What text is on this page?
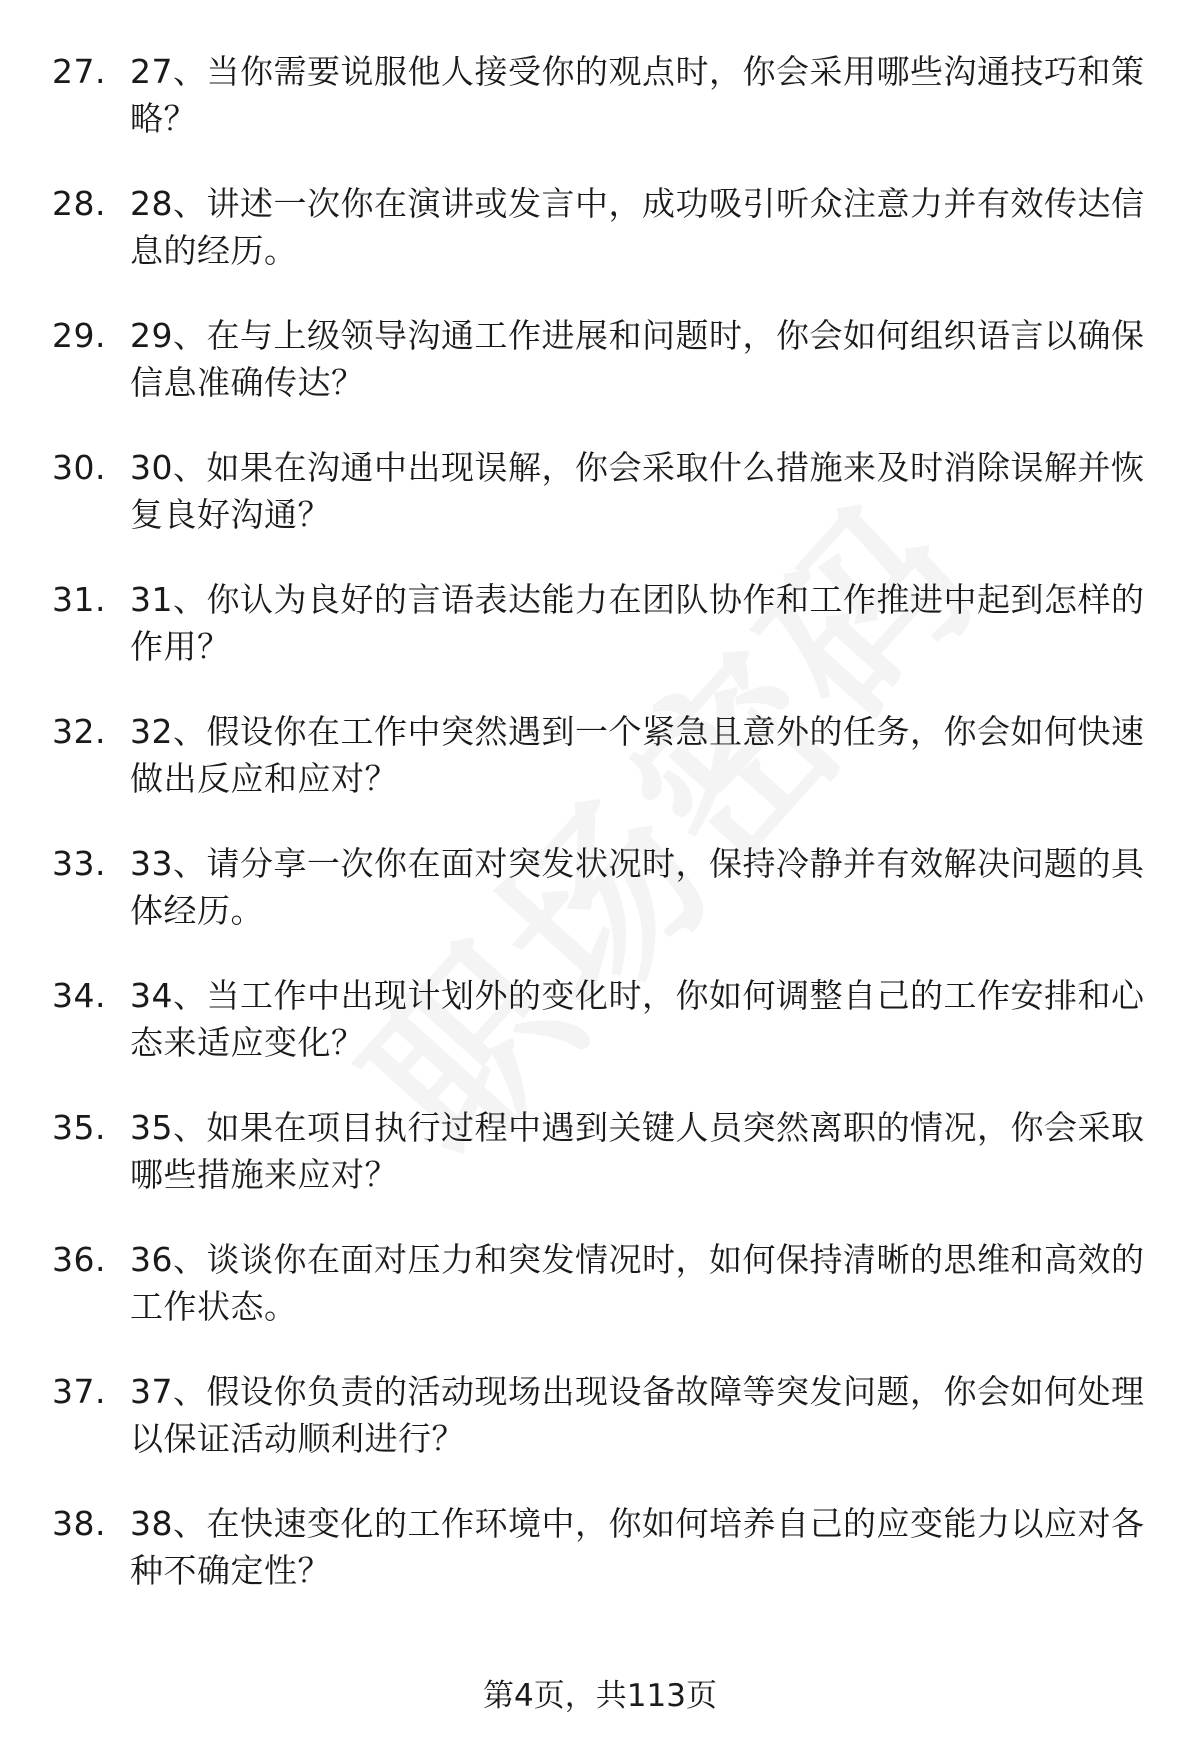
27. 27、当你需要说服他人接受你的观点时，你会采用哪些沟通技巧和策略？
28. 28、讲述一次你在演讲或发言中，成功吸引听众注意力并有效传达信息的经历。
29. 29、在与上级领导沟通工作进展和问题时，你会如何组织语言以确保信息准确传达？
30. 30、如果在沟通中出现误解，你会采取什么措施来及时消除误解并恢复良好沟通？
31. 31、你认为良好的言语表达能力在团队协作和工作推进中起到怎样的作用？
32. 32、假设你在工作中突然遇到一个紧急且意外的任务，你会如何快速做出反应和应对？
33. 33、请分享一次你在面对突发状况时，保持冷静并有效解决问题的具体经历。
34. 34、当工作中出现计划外的变化时，你如何调整自己的工作安排和心态来适应变化？
35. 35、如果在项目执行过程中遇到关键人员突然离职的情况，你会采取哪些措施来应对？
36. 36、谈谈你在面对压力和突发情况时，如何保持清晰的思维和高效的工作状态。
37. 37、假设你负责的活动现场出现设备故障等突发问题，你会如何处理以保证活动顺利进行？
38. 38、在快速变化的工作环境中，你如何培养自己的应变能力以应对各种不确定性？
第4页，共113页
